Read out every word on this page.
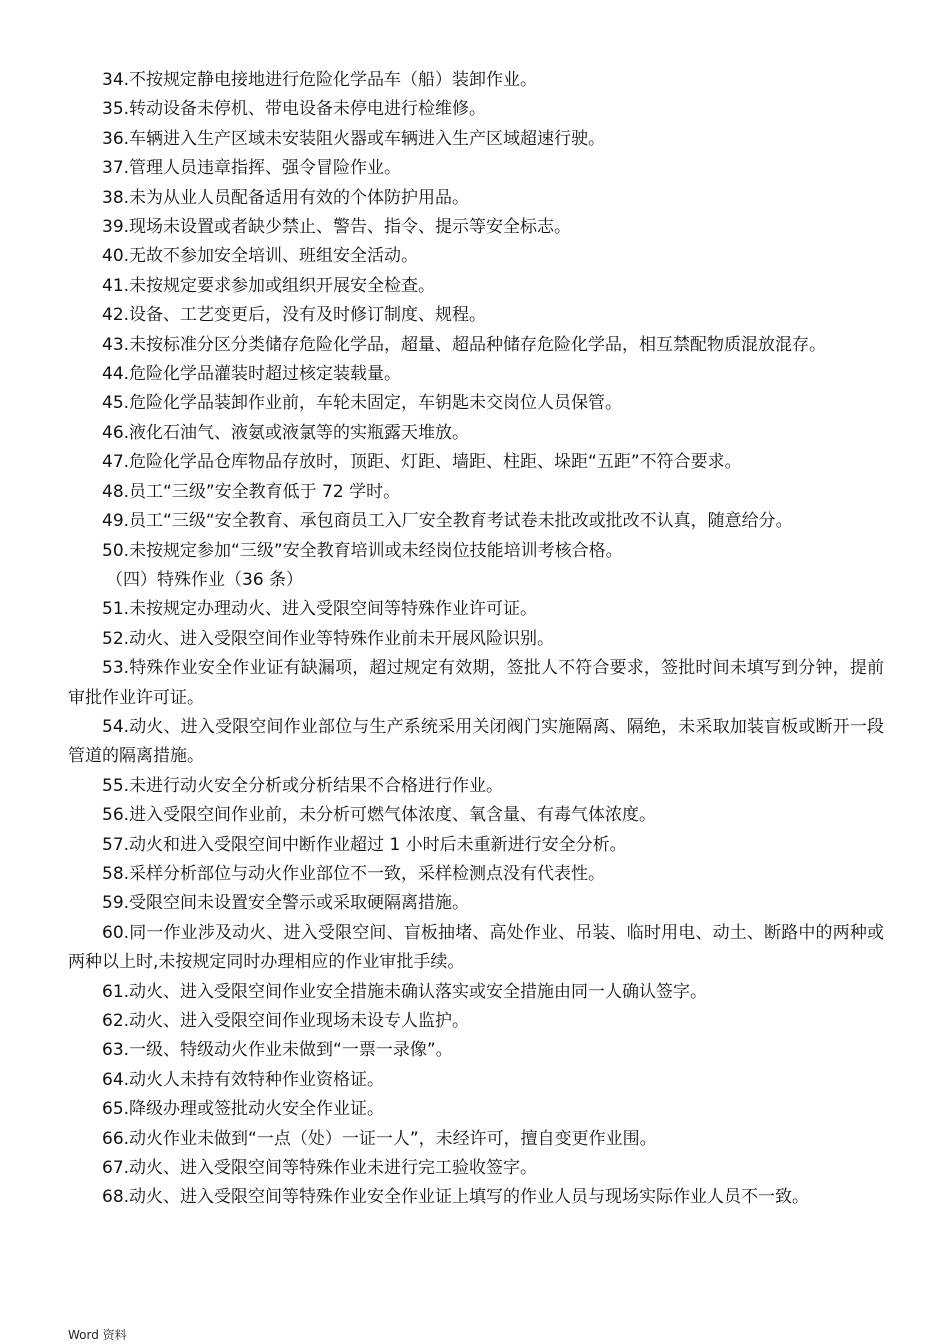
34.不按规定静电接地进行危险化学品车（船）装卸作业。

35.转动设备未停机、带电设备未停电进行检维修。

36.车辆进入生产区域未安装阻火器或车辆进入生产区域超速行驶。

37.管理人员违章指挥、强令冒险作业。

38.未为从业人员配备适用有效的个体防护用品。

39.现场未设置或者缺少禁止、警告、指令、提示等安全标志。

40.无故不参加安全培训、班组安全活动。

41.未按规定要求参加或组织开展安全检查。

42.设备、工艺变更后，没有及时修订制度、规程。

43.未按标准分区分类储存危险化学品，超量、超品种储存危险化学品，相互禁配物质混放混存。

44.危险化学品灌装时超过核定装载量。

45.危险化学品装卸作业前，车轮未固定，车钥匙未交岗位人员保管。

46.液化石油气、液氨或液氯等的实瓶露天堆放。

47.危险化学品仓库物品存放时，顶距、灯距、墙距、柱距、垛距“五距”不符合要求。

48.员工“三级”安全教育低于 72 学时。

49.员工“三级“安全教育、承包商员工入厂安全教育考试卷未批改或批改不认真，随意给分。

50.未按规定参加“三级”安全教育培训或未经岗位技能培训考核合格。

（四）特殊作业（36 条）

51.未按规定办理动火、进入受限空间等特殊作业许可证。

52.动火、进入受限空间作业等特殊作业前未开展风险识别。

53.特殊作业安全作业证有缺漏项，超过规定有效期，签批人不符合要求，签批时间未填写到分钟，提前审批作业许可证。

54.动火、进入受限空间作业部位与生产系统采用关闭阀门实施隔离、隔绝，未采取加装盲板或断开一段管道的隔离措施。

55.未进行动火安全分析或分析结果不合格进行作业。

56.进入受限空间作业前，未分析可燃气体浓度、氧含量、有毒气体浓度。

57.动火和进入受限空间中断作业超过 1 小时后未重新进行安全分析。

58.采样分析部位与动火作业部位不一致，采样检测点没有代表性。

59.受限空间未设置安全警示或采取硬隔离措施。

60.同一作业涉及动火、进入受限空间、盲板抽堵、高处作业、吊装、临时用电、动土、断路中的两种或两种以上时,未按规定同时办理相应的作业审批手续。

61.动火、进入受限空间作业安全措施未确认落实或安全措施由同一人确认签字。

62.动火、进入受限空间作业现场未设专人监护。

63.一级、特级动火作业未做到“一票一录像”。

64.动火人未持有效特种作业资格证。

65.降级办理或签批动火安全作业证。

66.动火作业未做到“一点（处）一证一人”，未经许可，擅自变更作业围。

67.动火、进入受限空间等特殊作业未进行完工验收签字。

68.动火、进入受限空间等特殊作业安全作业证上填写的作业人员与现场实际作业人员不一致。

Word 资料
